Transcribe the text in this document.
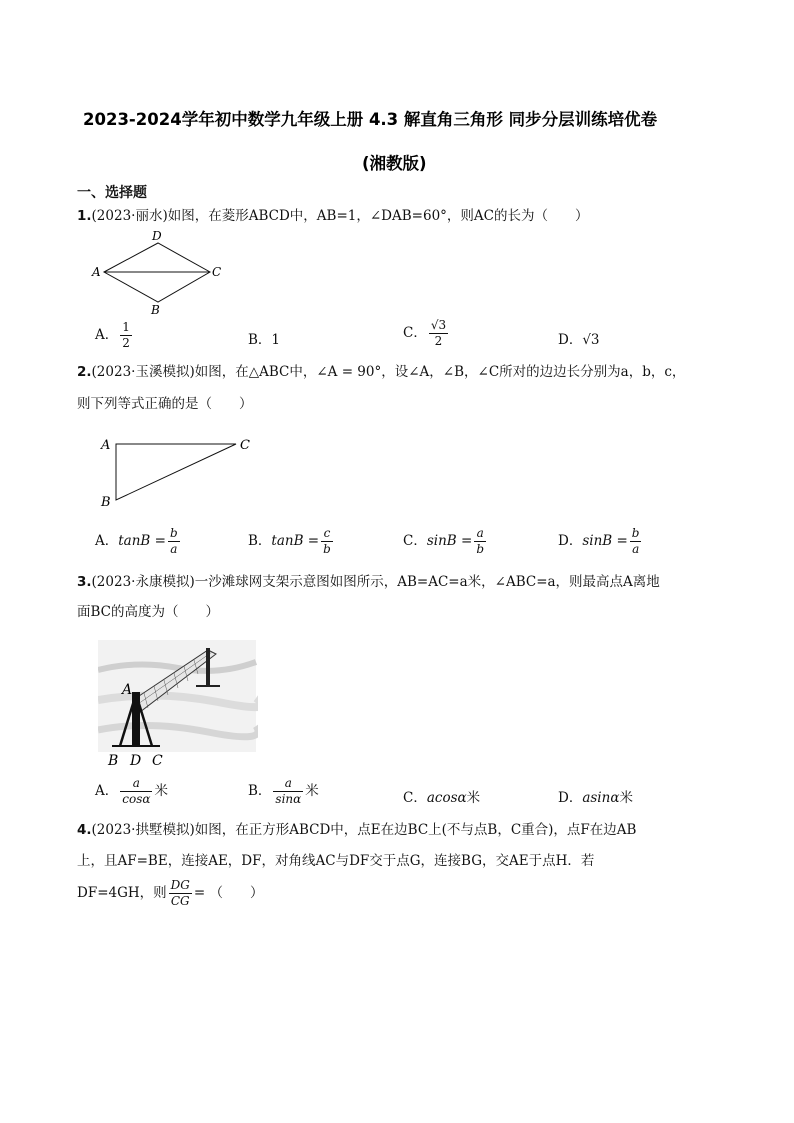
2023-2024学年初中数学九年级上册 4.3 解直角三角形 同步分层训练培优卷
(湘教版)
一、选择题
1.(2023·丽水)如图，在菱形ABCD中，AB=1，∠DAB=60°，则AC的长为（　　）
D
A	C
B
A． $\frac{1}{2}$	B．1	C． $\frac{√3}{2}$	D．√3
2.(2023·玉溪模拟)如图，在△ABC中，∠A = 90°，设∠A，∠B，∠C所对的边边长分别为a，b，c，
则下列等式正确的是（　　）
A	C
B
A．$\tan B = \frac{b}{a}$	B．$\tan B = \frac{c}{b}$	C．$\sin B = \frac{a}{b}$	D．$\sin B = \frac{b}{a}$
3.(2023·永康模拟)一沙滩球网支架示意图如图所示，AB=AC=a米，∠ABC=a，则最高点A离地
面BC的高度为（　　）
A
B D C
A． $\frac{a}{\cos\alpha}$ 米	B． $\frac{a}{\sin\alpha}$ 米	C．acosα米	D．asinα米
4.(2023·拱墅模拟)如图，在正方形ABCD中，点E在边BC上(不与点B，C重合)，点F在边AB
上，且AF=BE，连接AE，DF，对角线AC与DF交于点G，连接BG，交AE于点H．若
DF=4GH，则 $\frac{DG}{CG}$ = （　　）
